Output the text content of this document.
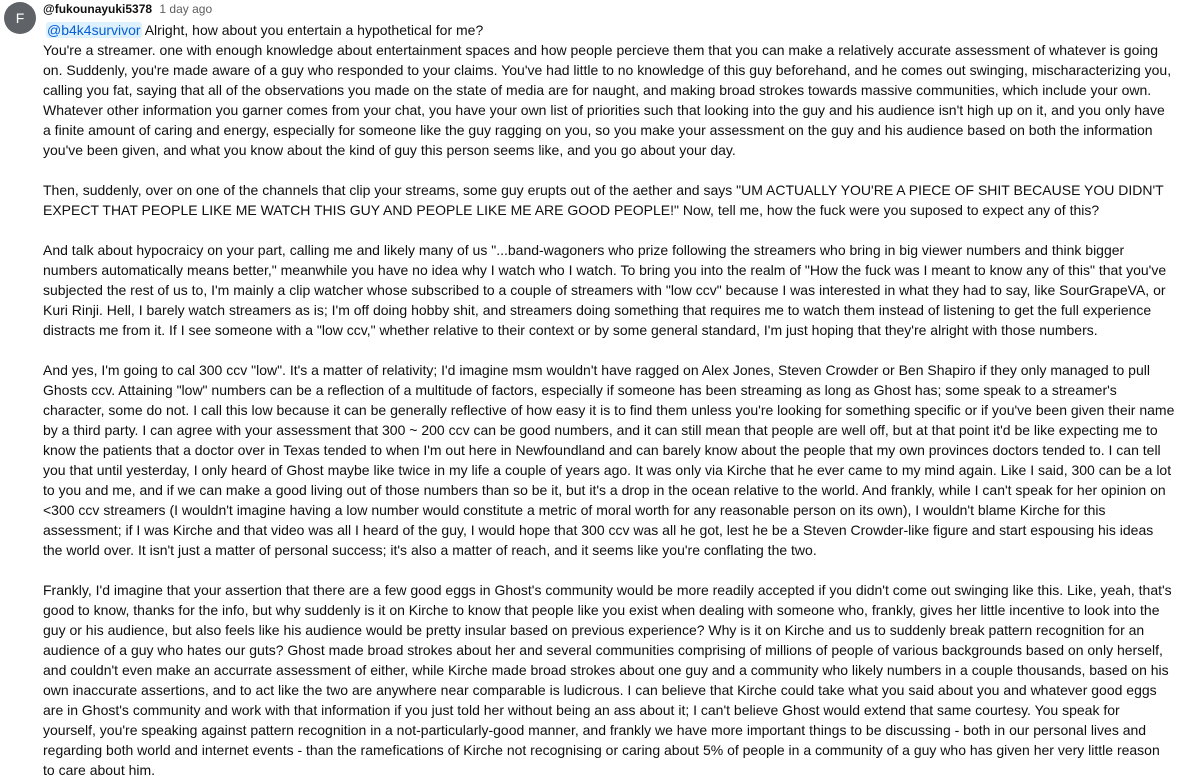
F
@fukounayuki5378 1 day ago
@b4k4survivor Alright, how about you entertain a hypothetical for me?

You're a streamer. one with enough knowledge about entertainment spaces and how people percieve them that you can make a relatively accurate assessment of whatever is going on. Suddenly, you're made aware of a guy who responded to your claims. You've had little to no knowledge of this guy beforehand, and he comes out swinging, mischaracterizing you, calling you fat, saying that all of the observations you made on the state of media are for naught, and making broad strokes towards massive communities, which include your own. Whatever other information you garner comes from your chat, you have your own list of priorities such that looking into the guy and his audience isn't high up on it, and you only have a finite amount of caring and energy, especially for someone like the guy ragging on you, so you make your assessment on the guy and his audience based on both the information you've been given, and what you know about the kind of guy this person seems like, and you go about your day.

Then, suddenly, over on one of the channels that clip your streams, some guy erupts out of the aether and says "UM ACTUALLY YOU'RE A PIECE OF SHIT BECAUSE YOU DIDN'T EXPECT THAT PEOPLE LIKE ME WATCH THIS GUY AND PEOPLE LIKE ME ARE GOOD PEOPLE!" Now, tell me, how the fuck were you suposed to expect any of this?

And talk about hypocraicy on your part, calling me and likely many of us "...band-wagoners who prize following the streamers who bring in big viewer numbers and think bigger numbers automatically means better," meanwhile you have no idea why I watch who I watch. To bring you into the realm of "How the fuck was I meant to know any of this" that you've subjected the rest of us to, I'm mainly a clip watcher whose subscribed to a couple of streamers with "low ccv" because I was interested in what they had to say, like SourGrapeVA, or Kuri Rinji. Hell, I barely watch streamers as is; I'm off doing hobby shit, and streamers doing something that requires me to watch them instead of listening to get the full experience distracts me from it. If I see someone with a "low ccv," whether relative to their context or by some general standard, I'm just hoping that they're alright with those numbers.

And yes, I'm going to cal 300 ccv "low". It's a matter of relativity; I'd imagine msm wouldn't have ragged on Alex Jones, Steven Crowder or Ben Shapiro if they only managed to pull Ghosts ccv. Attaining "low" numbers can be a reflection of a multitude of factors, especially if someone has been streaming as long as Ghost has; some speak to a streamer's character, some do not. I call this low because it can be generally reflective of how easy it is to find them unless you're looking for something specific or if you've been given their name by a third party. I can agree with your assessment that 300 ~ 200 ccv can be good numbers, and it can still mean that people are well off, but at that point it'd be like expecting me to know the patients that a doctor over in Texas tended to when I'm out here in Newfoundland and can barely know about the people that my own provinces doctors tended to. I can tell you that until yesterday, I only heard of Ghost maybe like twice in my life a couple of years ago. It was only via Kirche that he ever came to my mind again. Like I said, 300 can be a lot to you and me, and if we can make a good living out of those numbers than so be it, but it's a drop in the ocean relative to the world. And frankly, while I can't speak for her opinion on <300 ccv streamers (I wouldn't imagine having a low number would constitute a metric of moral worth for any reasonable person on its own), I wouldn't blame Kirche for this assessment; if I was Kirche and that video was all I heard of the guy, I would hope that 300 ccv was all he got, lest he be a Steven Crowder-like figure and start espousing his ideas the world over. It isn't just a matter of personal success; it's also a matter of reach, and it seems like you're conflating the two.

Frankly, I'd imagine that your assertion that there are a few good eggs in Ghost's community would be more readily accepted if you didn't come out swinging like this. Like, yeah, that's good to know, thanks for the info, but why suddenly is it on Kirche to know that people like you exist when dealing with someone who, frankly, gives her little incentive to look into the guy or his audience, but also feels like his audience would be pretty insular based on previous experience? Why is it on Kirche and us to suddenly break pattern recognition for an audience of a guy who hates our guts? Ghost made broad strokes about her and several communities comprising of millions of people of various backgrounds based on only herself, and couldn't even make an accurrate assessment of either, while Kirche made broad strokes about one guy and a community who likely numbers in a couple thousands, based on his own inaccurate assertions, and to act like the two are anywhere near comparable is ludicrous. I can believe that Kirche could take what you said about you and whatever good eggs are in Ghost's community and work with that information if you just told her without being an ass about it; I can't believe Ghost would extend that same courtesy. You speak for yourself, you're speaking against pattern recognition in a not-particularly-good manner, and frankly we have more important things to be discussing - both in our personal lives and regarding both world and internet events - than the ramefications of Kirche not recognising or caring about 5% of people in a community of a guy who has given her very little reason to care about him.
